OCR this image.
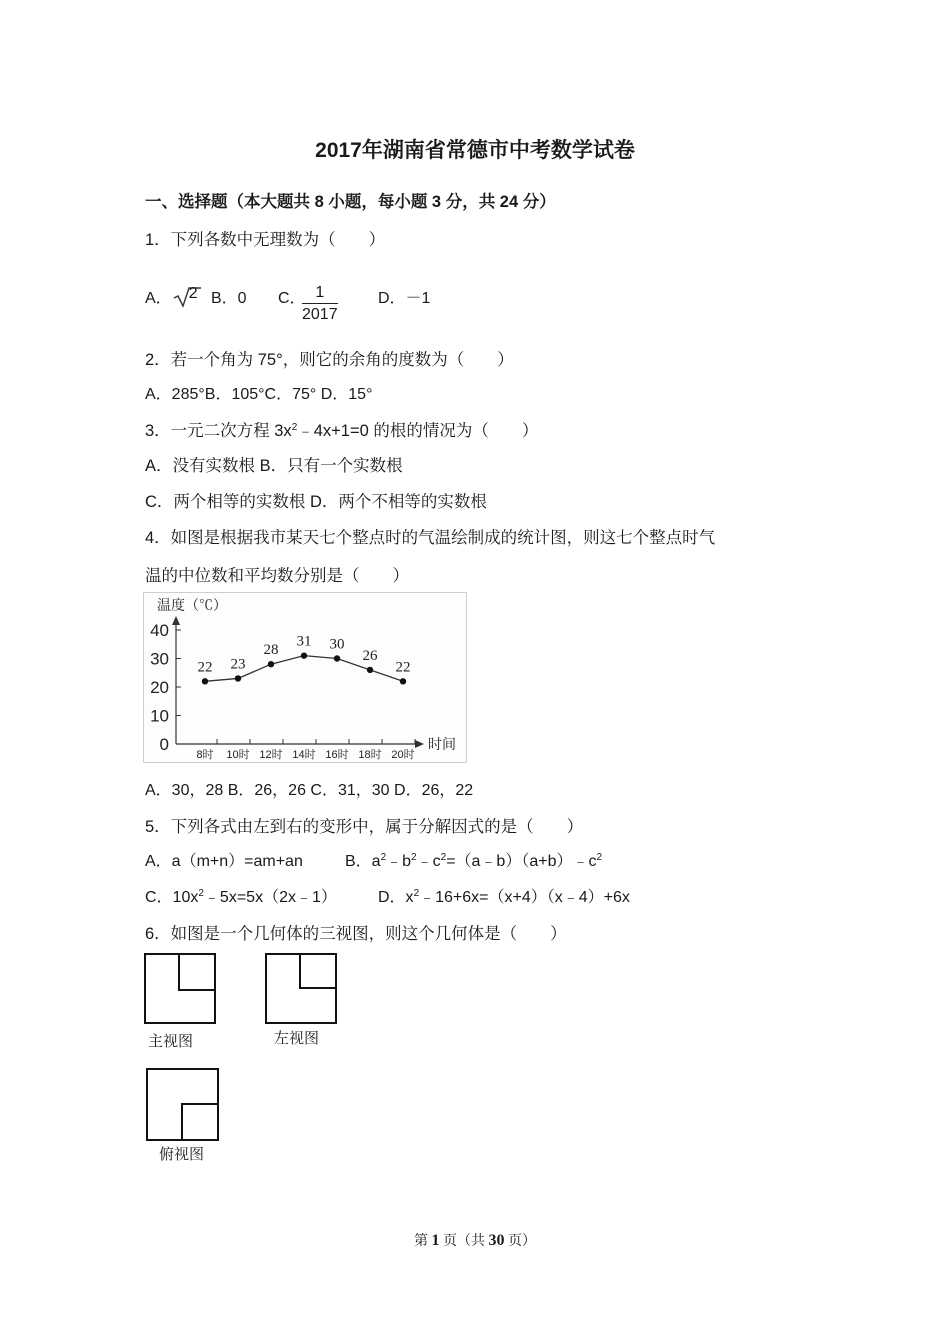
2017年湖南省常德市中考数学试卷
一、选择题（本大题共 8 小题，每小题 3 分，共 24 分）
1．下列各数中无理数为（　　）
A． 2 B．0 C．
$\frac{1}{2017}$	D．－1
2．若一个角为 75°，则它的余角的度数为（　　）
A．285°B．105°C．75° D．15°
3．一元二次方程 $3x^2﹣4x+1=0$ 的根的情况为（　　）
A．没有实数根 B．只有一个实数根
C．两个相等的实数根 D．两个不相等的实数根
4．如图是根据我市某天七个整点时的气温绘制成的统计图，则这七个整点时气
温的中位数和平均数分别是（　　）
温度（℃）
时间
0
10
20
30
40
8时 10时 12时 14时 16时 18时 20时
22 23
28
31 30
26
22
A．30，28 B．26，26 C．31，30 D．26，22
5．下列各式由左到右的变形中，属于分解因式的是（　　）
A．a（m+n）=am+an	B．$a^2﹣b^2﹣c^2=(a﹣b)(a+b)﹣c^2$
C．$10x^2﹣5x=5x(2x﹣1)$	D．$x^2﹣16+6x=(x+4)(x﹣4)+6x$
6．如图是一个几何体的三视图，则这个几何体是（　　）
主视图	左视图
俯视图
第 1 页（共 30 页）
